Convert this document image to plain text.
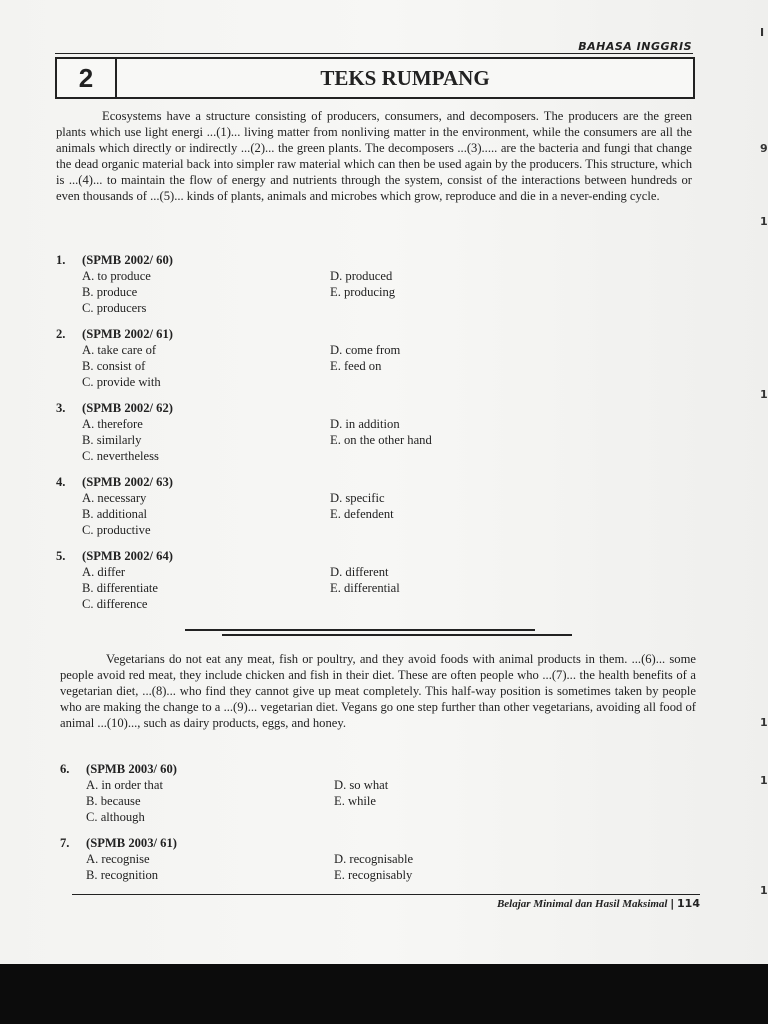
BAHASA INGGRIS
2	TEKS RUMPANG

Ecosystems have a structure consisting of producers, consumers, and decomposers. The producers are the green plants which use light energi ...(1)... living matter from nonliving matter in the environment, while the consumers are all the animals which directly or indirectly ...(2)... the green plants. The decomposers ...(3)..... are the bacteria and fungi that change the dead organic material back into simpler raw material which can then be used again by the producers. This structure, which is ...(4)... to maintain the flow of energy and nutrients through the system, consist of the interactions between hundreds or even thousands of ...(5)... kinds of plants, animals and microbes which grow, reproduce and die in a never-ending cycle.

1. (SPMB 2002/ 60)
A. to produce
B. produce
C. producers
D. produced
E. producing
2. (SPMB 2002/ 61)
A. take care of
B. consist of
C. provide with
D. come from
E. feed on
3. (SPMB 2002/ 62)
A. therefore
B. similarly
C. nevertheless
D. in addition
E. on the other hand
4. (SPMB 2002/ 63)
A. necessary
B. additional
C. productive
D. specific
E. defendent
5. (SPMB 2002/ 64)
A. differ
B. differentiate
C. difference
D. different
E. differential

Vegetarians do not eat any meat, fish or poultry, and they avoid foods with animal products in them. ...(6)... some people avoid red meat, they include chicken and fish in their diet. These are often people who ...(7)... the health benefits of a vegetarian diet, ...(8)... who find they cannot give up meat completely. This half-way position is sometimes taken by people who are making the change to a ...(9)... vegetarian diet. Vegans go one step further than other vegetarians, avoiding all food of animal ...(10)..., such as dairy products, eggs, and honey.

6. (SPMB 2003/ 60)
A. in order that
B. because
C. although
D. so what
E. while
7. (SPMB 2003/ 61)
A. recognise
B. recognition
D. recognisable
E. recognisably
Belajar Minimal dan Hasil Maksimal | 114
I
9
1
1
1
1
1
